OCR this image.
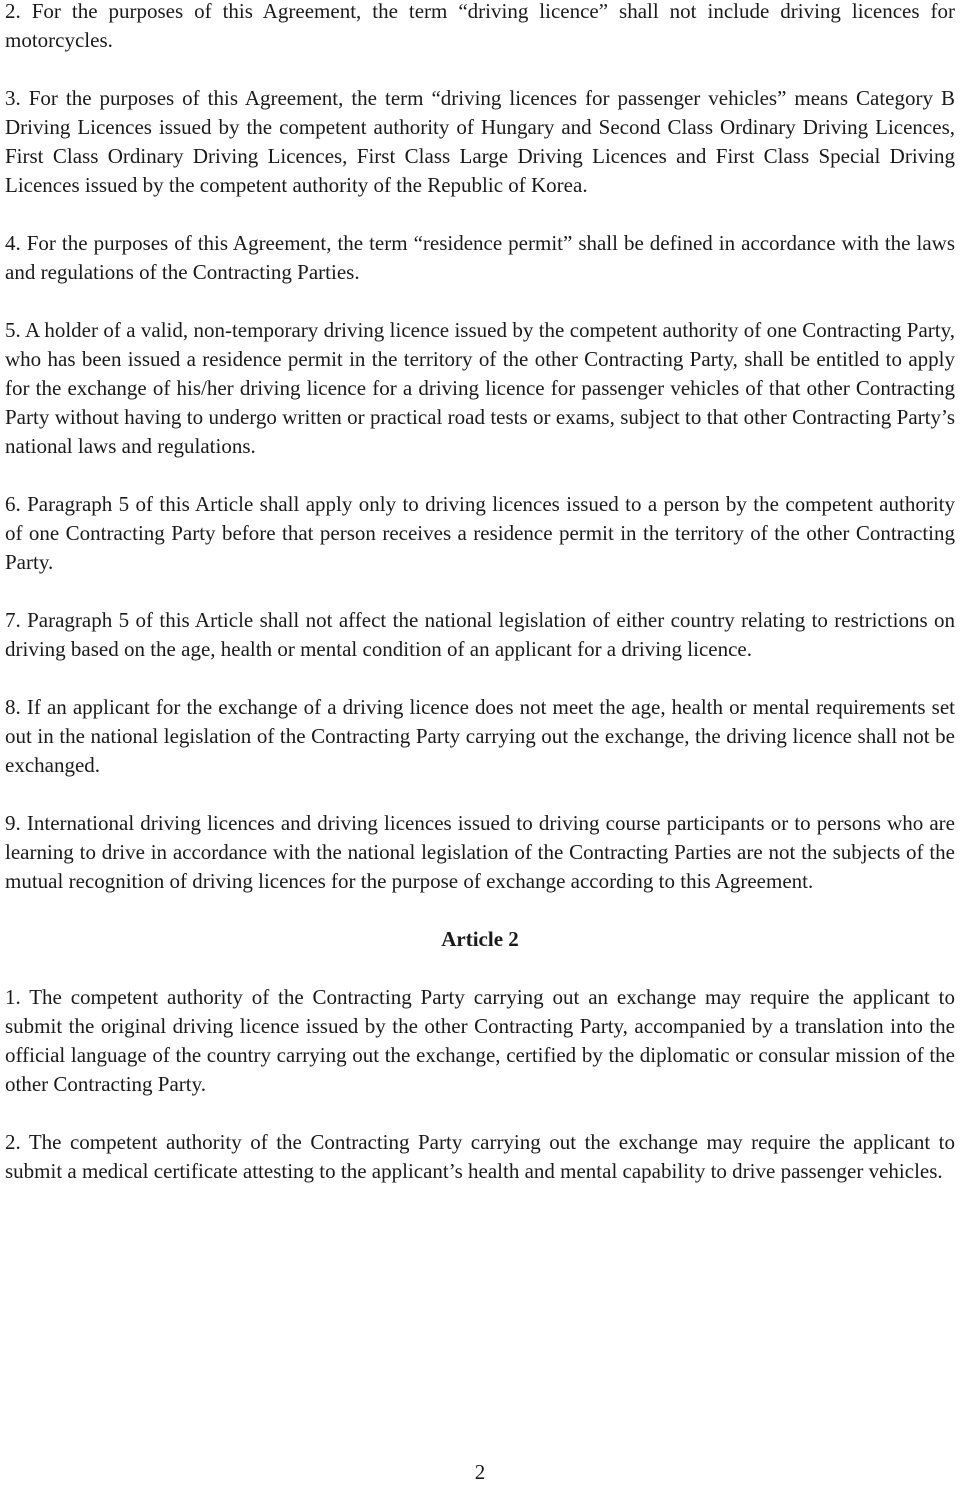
2. For the purposes of this Agreement, the term “driving licence” shall not include driving licences for motorcycles.

3. For the purposes of this Agreement, the term “driving licences for passenger vehicles” means Category B Driving Licences issued by the competent authority of Hungary and Second Class Ordinary Driving Licences, First Class Ordinary Driving Licences, First Class Large Driving Licences and First Class Special Driving Licences issued by the competent authority of the Republic of Korea.

4. For the purposes of this Agreement, the term “residence permit” shall be defined in accordance with the laws and regulations of the Contracting Parties.

5. A holder of a valid, non-temporary driving licence issued by the competent authority of one Contracting Party, who has been issued a residence permit in the territory of the other Contracting Party, shall be entitled to apply for the exchange of his/her driving licence for a driving licence for passenger vehicles of that other Contracting Party without having to undergo written or practical road tests or exams, subject to that other Contracting Party’s national laws and regulations.

6. Paragraph 5 of this Article shall apply only to driving licences issued to a person by the competent authority of one Contracting Party before that person receives a residence permit in the territory of the other Contracting Party.

7. Paragraph 5 of this Article shall not affect the national legislation of either country relating to restrictions on driving based on the age, health or mental condition of an applicant for a driving licence.

8. If an applicant for the exchange of a driving licence does not meet the age, health or mental requirements set out in the national legislation of the Contracting Party carrying out the exchange, the driving licence shall not be exchanged.

9. International driving licences and driving licences issued to driving course participants or to persons who are learning to drive in accordance with the national legislation of the Contracting Parties are not the subjects of the mutual recognition of driving licences for the purpose of exchange according to this Agreement.

Article 2

1. The competent authority of the Contracting Party carrying out an exchange may require the applicant to submit the original driving licence issued by the other Contracting Party, accompanied by a translation into the official language of the country carrying out the exchange, certified by the diplomatic or consular mission of the other Contracting Party.

2. The competent authority of the Contracting Party carrying out the exchange may require the applicant to submit a medical certificate attesting to the applicant’s health and mental capability to drive passenger vehicles.

2
